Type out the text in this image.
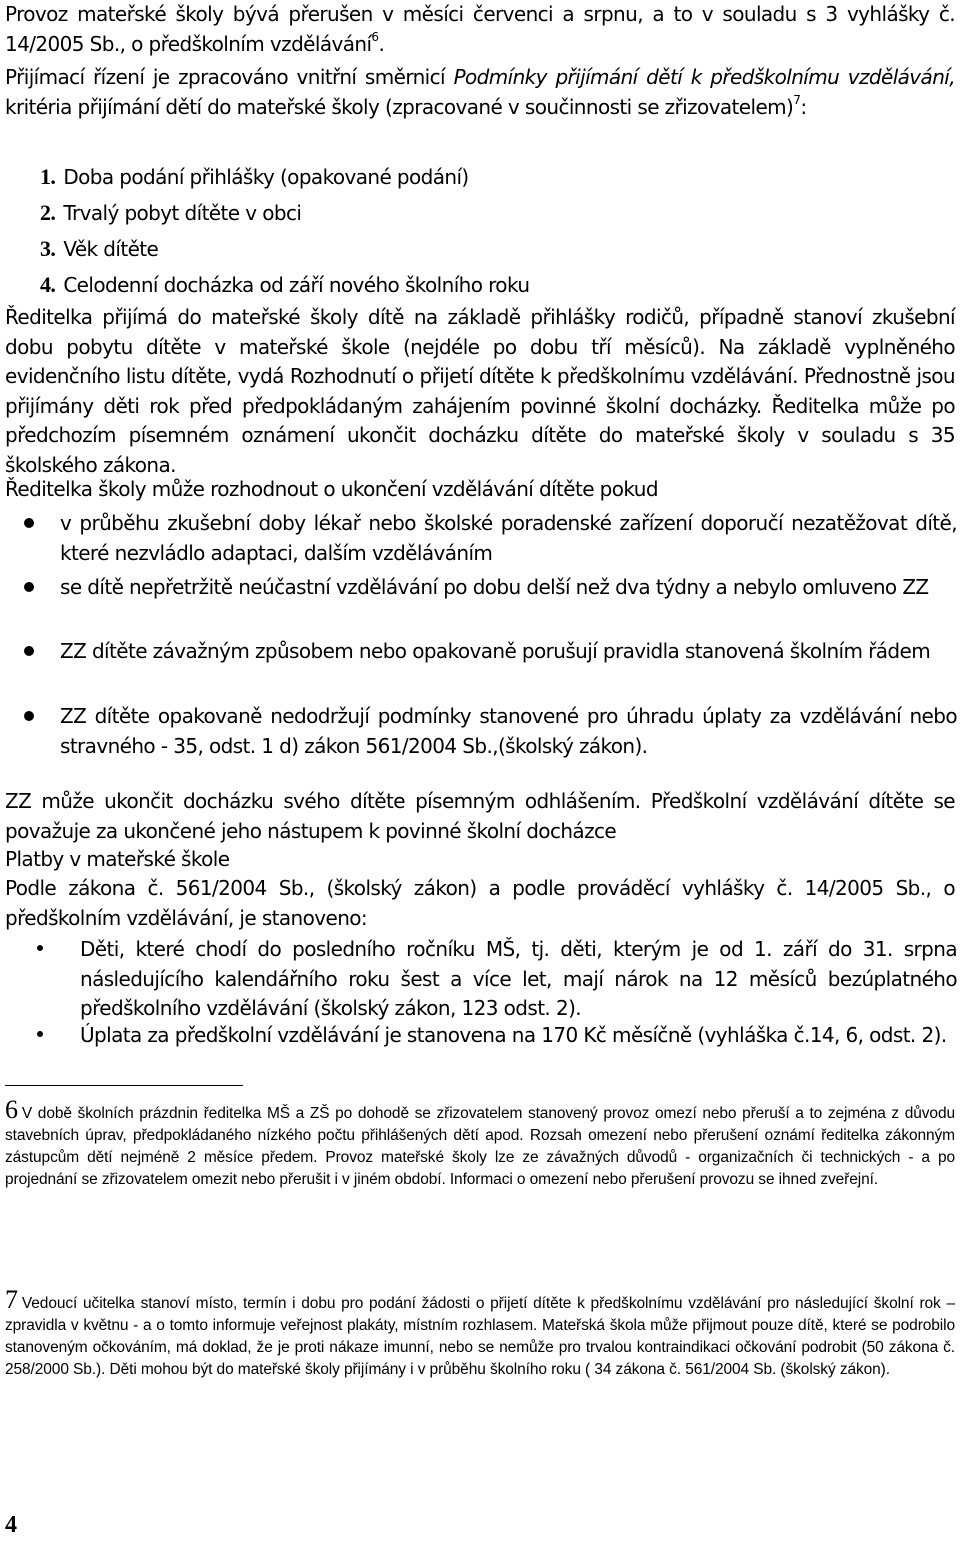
Provoz mateřské školy bývá přerušen v měsíci červenci a srpnu, a to v souladu s 3 vyhlášky č. 14/2005 Sb., o předškolním vzdělávání$^6$.

Přijímací řízení je zpracováno vnitřní směrnicí Podmínky přijímání dětí k předškolnímu vzdělávání, kritéria přijímání dětí do mateřské školy (zpracované v součinnosti se zřizovatelem)$^7$:

1. Doba podání přihlášky (opakované podání)
2. Trvalý pobyt dítěte v obci
3. Věk dítěte
4. Celodenní docházka od září nového školního roku

Ředitelka přijímá do mateřské školy dítě na základě přihlášky rodičů, případně stanoví zkušební dobu pobytu dítěte v mateřské škole (nejdéle po dobu tří měsíců). Na základě vyplněného evidenčního listu dítěte, vydá Rozhodnutí o přijetí dítěte k předškolnímu vzdělávání. Přednostně jsou přijímány děti rok před předpokládaným zahájením povinné školní docházky. Ředitelka může po předchozím písemném oznámení ukončit docházku dítěte do mateřské školy v souladu s 35 školského zákona.

Ředitelka školy může rozhodnout o ukončení vzdělávání dítěte pokud

v průběhu zkušební doby lékař nebo školské poradenské zařízení doporučí nezatěžovat dítě, které nezvládlo adaptaci, dalším vzděláváním
se dítě nepřetržitě neúčastní vzdělávání po dobu delší než dva týdny a nebylo omluveno ZZ
ZZ dítěte závažným způsobem nebo opakovaně porušují pravidla stanovená školním řádem
ZZ dítěte opakovaně nedodržují podmínky stanovené pro úhradu úplaty za vzdělávání nebo stravného - 35, odst. 1 d) zákon 561/2004 Sb.,(školský zákon).

ZZ může ukončit docházku svého dítěte písemným odhlášením. Předškolní vzdělávání dítěte se považuje za ukončené jeho nástupem k povinné školní docházce

Platby v mateřské škole

Podle zákona č. 561/2004 Sb., (školský zákon) a podle prováděcí vyhlášky č. 14/2005 Sb., o předškolním vzdělávání, je stanoveno:

Děti, které chodí do posledního ročníku MŠ, tj. děti, kterým je od 1. září do 31. srpna následujícího kalendářního roku šest a více let, mají nárok na 12 měsíců bezúplatného předškolního vzdělávání (školský zákon, 123 odst. 2).
Úplata za předškolní vzdělávání je stanovena na 170 Kč měsíčně (vyhláška č.14, 6, odst. 2).

6 V době školních prázdnin ředitelka MŠ a ZŠ po dohodě se zřizovatelem stanovený provoz omezí nebo přeruší a to zejména z důvodu stavebních úprav, předpokládaného nízkého počtu přihlášených dětí apod. Rozsah omezení nebo přerušení oznámí ředitelka zákonným zástupcům dětí nejméně 2 měsíce předem. Provoz mateřské školy lze ze závažných důvodů - organizačních či technických - a po projednání se zřizovatelem omezit nebo přerušit i v jiném období. Informaci o omezení nebo přerušení provozu se ihned zveřejní.

7 Vedoucí učitelka stanoví místo, termín i dobu pro podání žádosti o přijetí dítěte k předškolnímu vzdělávání pro následující školní rok – zpravidla v květnu - a o tomto informuje veřejnost plakáty, místním rozhlasem. Mateřská škola může přijmout pouze dítě, které se podrobilo stanoveným očkováním, má doklad, že je proti nákaze imunní, nebo se nemůže pro trvalou kontraindikaci očkování podrobit (50 zákona č. 258/2000 Sb.). Děti mohou být do mateřské školy přijímány i v průběhu školního roku ( 34 zákona č. 561/2004 Sb. (školský zákon).

4
